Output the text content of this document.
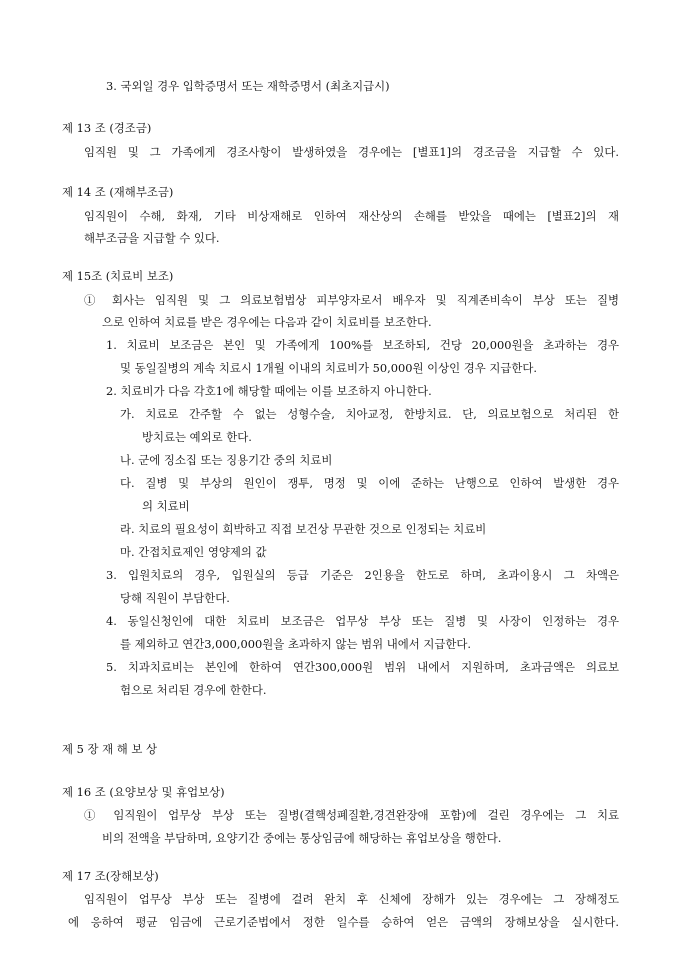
3. 국외일 경우 입학증명서 또는 재학증명서 (최초지급시)
제 13 조 (경조금)
임직원 및 그 가족에게 경조사항이 발생하였을 경우에는 [별표1]의 경조금을 지급할 수 있다.
제 14 조 (재해부조금)
임직원이 수해, 화재, 기타 비상재해로 인하여 재산상의 손해를 받았을 때에는 [별표2]의 재
해부조금을 지급할 수 있다.
제 15조 (치료비 보조)
① 회사는 임직원 및 그 의료보험법상 피부양자로서 배우자 및 직계존비속이 부상 또는 질병
으로 인하여 치료를 받은 경우에는 다음과 같이 치료비를 보조한다.
1. 치료비 보조금은 본인 및 가족에게 100%를 보조하되, 건당 20,000원을 초과하는 경우
및 동일질병의 계속 치료시 1개월 이내의 치료비가 50,000원 이상인 경우 지급한다.
2. 치료비가 다음 각호1에 해당할 때에는 이를 보조하지 아니한다.
가. 치료로 간주할 수 없는 성형수술, 치아교정, 한방치료. 단, 의료보험으로 처리된 한
방치료는 예외로 한다.
나. 군에 징소집 또는 징용기간 중의 치료비
다. 질병 및 부상의 원인이 쟁투, 명정 및 이에 준하는 난행으로 인하여 발생한 경우
의 치료비
라. 치료의 필요성이 희박하고 직접 보건상 무관한 것으로 인정되는 치료비
마. 간접치료제인 영양제의 값
3. 입원치료의 경우, 입원실의 등급 기준은 2인용을 한도로 하며, 초과이용시 그 차액은
당해 직원이 부담한다.
4. 동일신청인에 대한 치료비 보조금은 업무상 부상 또는 질병 및 사장이 인정하는 경우
를 제외하고 연간3,000,000원을 초과하지 않는 범위 내에서 지급한다.
5. 치과치료비는 본인에 한하여 연간300,000원 범위 내에서 지원하며, 초과금액은 의료보
험으로 처리된 경우에 한한다.
제 5 장 재 해 보 상
제 16 조 (요양보상 및 휴업보상)
① 임직원이 업무상 부상 또는 질병(결핵성폐질환,경견완장애 포함)에 걸린 경우에는 그 치료
비의 전액을 부담하며, 요양기간 중에는 통상임금에 해당하는 휴업보상을 행한다.
제 17 조(장해보상)
임직원이 업무상 부상 또는 질병에 걸려 완치 후 신체에 장해가 있는 경우에는 그 장해정도
에 응하여 평균 임금에 근로기준법에서 정한 일수를 승하여 얻은 금액의 장해보상을 실시한다.
